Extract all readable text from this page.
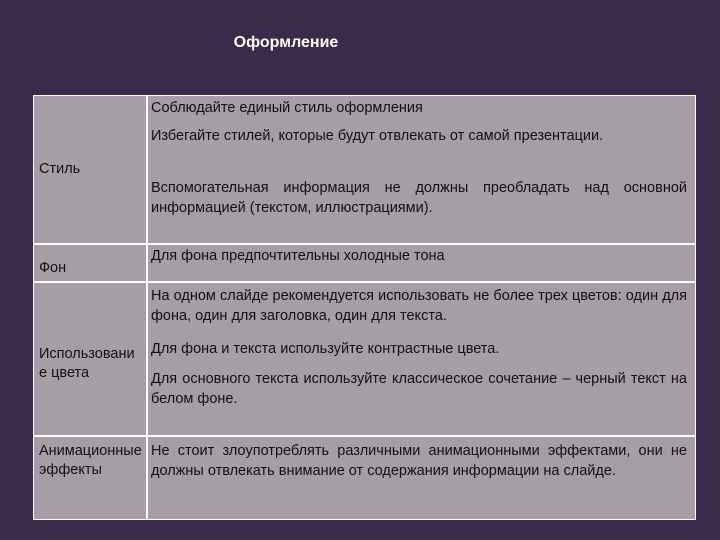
Оформление
Стиль
Соблюдайте единый стиль оформления
Избегайте стилей, которые будут отвлекать от самой презентации.
Вспомогательная информация не должны преобладать над основной информацией (текстом, иллюстрациями).
Фон
Для фона предпочтительны холодные тона
Использование цвета
На одном слайде рекомендуется использовать не более трех цветов: один для фона, один для заголовка, один для текста.
Для фона и текста используйте контрастные цвета.
Для основного текста используйте классическое сочетание – черный текст на белом фоне.
Анимационные эффекты
Не стоит злоупотреблять различными анимационными эффектами, они не должны отвлекать внимание от содержания информации на слайде.
